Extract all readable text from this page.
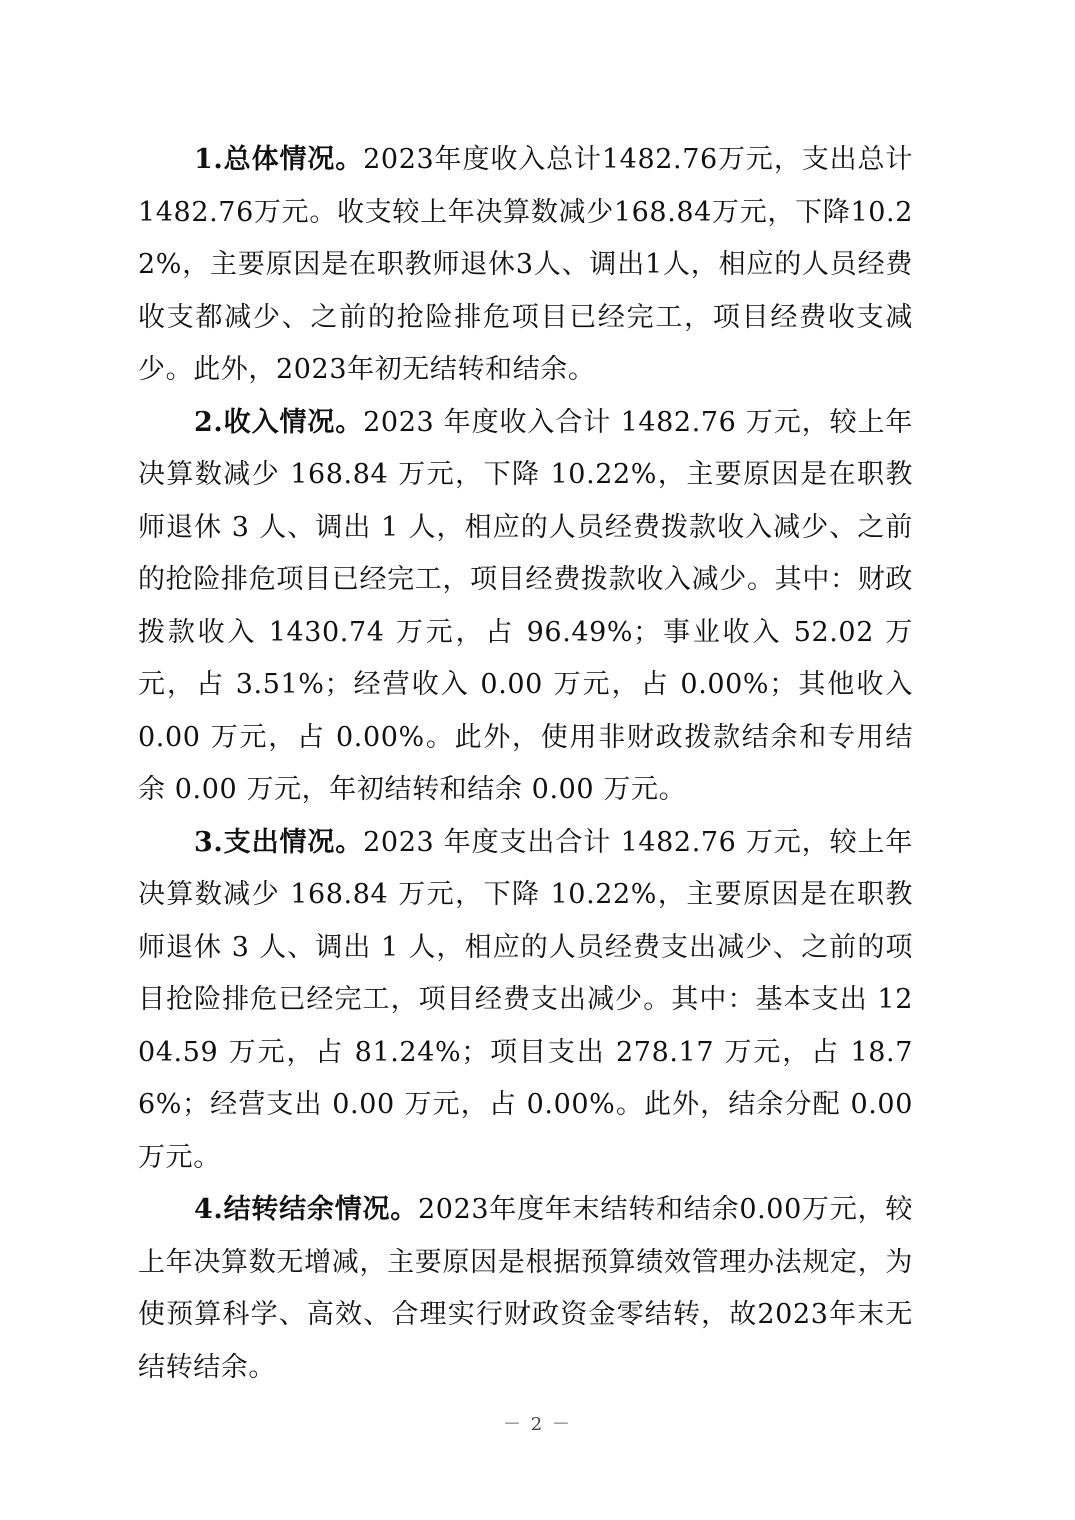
1.总体情况。2023年度收入总计1482.76万元，支出总计1482.76万元。收支较上年决算数减少168.84万元，下降10.22%，主要原因是在职教师退休3人、调出1人，相应的人员经费收支都减少、之前的抢险排危项目已经完工，项目经费收支减少。此外，2023年初无结转和结余。

2.收入情况。2023 年度收入合计 1482.76 万元，较上年决算数减少 168.84 万元，下降 10.22%，主要原因是在职教师退休 3 人、调出 1 人，相应的人员经费拨款收入减少、之前的抢险排危项目已经完工，项目经费拨款收入减少。其中：财政拨款收入 1430.74 万元，占 96.49%；事业收入 52.02 万元，占 3.51%；经营收入 0.00 万元，占 0.00%；其他收入 0.00 万元，占 0.00%。此外，使用非财政拨款结余和专用结余 0.00 万元，年初结转和结余 0.00 万元。

3.支出情况。2023 年度支出合计 1482.76 万元，较上年决算数减少 168.84 万元，下降 10.22%，主要原因是在职教师退休 3 人、调出 1 人，相应的人员经费支出减少、之前的项目抢险排危已经完工，项目经费支出减少。其中：基本支出 1204.59 万元，占 81.24%；项目支出 278.17 万元，占 18.76%；经营支出 0.00 万元，占 0.00%。此外，结余分配 0.00 万元。

4.结转结余情况。2023年度年末结转和结余0.00万元，较上年决算数无增减，主要原因是根据预算绩效管理办法规定，为使预算科学、高效、合理实行财政资金零结转，故2023年末无结转结余。

－ 2 －
